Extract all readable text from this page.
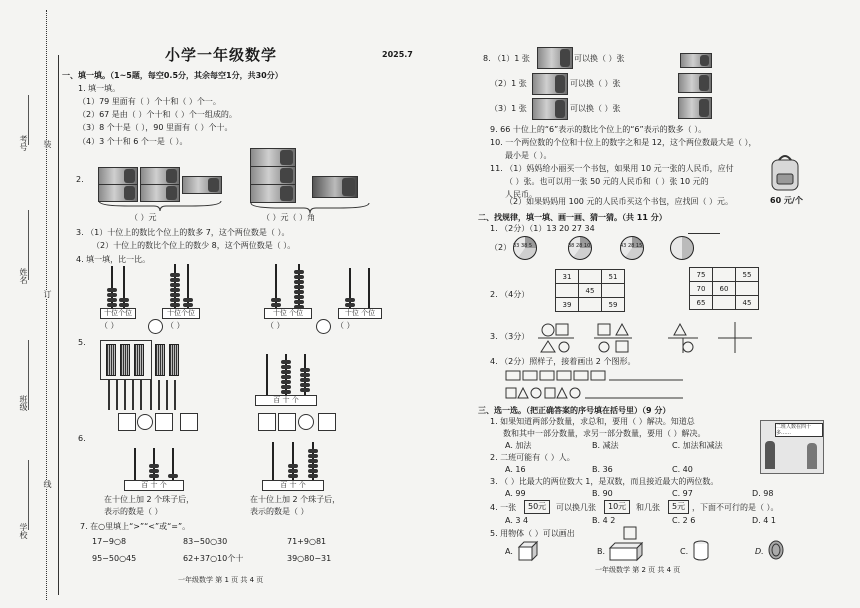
考号
姓名
班级
学校
装
订
线
小学一年级数学	2025.7
一、填一填。（1~5题，每空0.5分，其余每空1分，共30分）
1. 填一填。
（1）79 里面有（ ）个十和（ ）个一。
（2）67 是由（ ）个十和（ ）个一组成的。
（3）8 个十是（ ），90 里面有（ ）个十。
（4）3 个十和 6 个一是（ ）。
2.
（ ）元	（ ）元（ ）角
3. （1）十位上的数比个位上的数多 7，这个两位数是（ ）。
（2）十位上的数比个位上的数少 8，这个两位数是（ ）。
4. 填一填，比一比。
十位个位	十位个位
（ ）	（ ）
十位 个位	十位 个位
（ ）	（ ）
5.
百 十 个
6.
百 十 个	百 十 个
在十位上加 2 个珠子后，
表示的数是（ ）
在十位上加 2 个珠子后，
表示的数是（ ）
7. 在○里填上“>”“<”或“=”。
17−9○8	83−50○30	71+9○81
95−50○45	62+37○10个十	39○80−31
一年级数学 第 1 页 共 4 页
8. （1）1 张	可以换（ ）张
（2）1 张	可以换（ ）张
（3）1 张	可以换（ ）张
9. 66 十位上的“6”表示的数比个位上的“6”表示的数多（ ）。
10. 一个两位数的个位和十位上的数字之和是 12，这个两位数最大是（ ），
最小是（ ）。
11. （1）妈妈给小丽买一个书包，如果用 10 元一张的人民币，应付
（ ）张。也可以用一张 50 元的人民币和（ ）张 10 元的
人民币。
（2）如果妈妈用 100 元的人民币买这个书包，应找回（ ）元。	60 元/个
二、找规律，填一填、画一画、猜一猜。（共 11 分）
1. （2分）（1）13 20 27 34
（2） 33 38 5	38 28 10	43 28 15
2. （4分）
31		51
	45	
39		59
75		55
70	60	
65		45
3. （3分）
4. （2分）照样子，接着画出 2 个图形。
三、选一选。（把正确答案的序号填在括号里）（9 分）
1. 如果知道两部分数量，求总和，要用（ ）解决。知道总
数和其中一部分数量，求另一部分数量，要用（ ）解决。
A. 加法	B. 减法	C. 加法和减法
二班人数在四十多……
2. 二班可能有（ ）人。
A. 16	B. 36	C. 40
3. （ ）比最大的两位数大 1，是双数，而且接近最大的两位数。
A. 99	B. 90	C. 97	D. 98
4. 一张	50元	可以换几张	10元	和几张	5元 ，下面不可行的是（ ）。
A. 3 4	B. 4 2	C. 2 6	D. 4 1
5. 用物体（ ）可以画出
A.	B.	C.	D.
一年级数学 第 2 页 共 4 页
